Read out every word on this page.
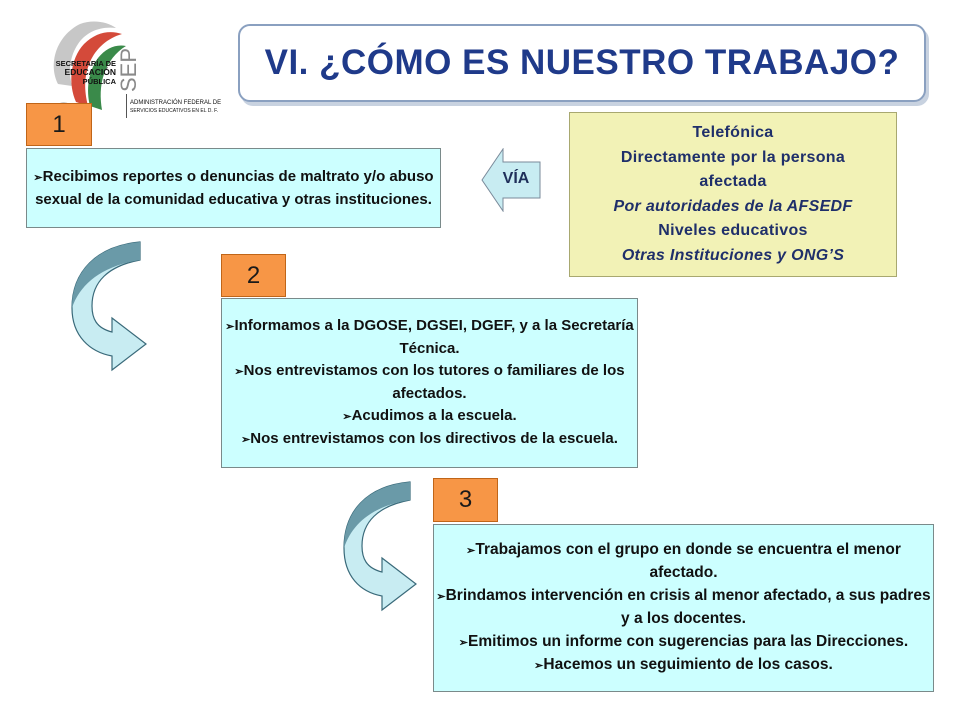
SECRETARÍA DE
EDUCACIÓN
PÚBLICA SEP
ADMINISTRACIÓN FEDERAL DE
SERVICIOS EDUCATIVOS EN EL D. F.
VI. ¿CÓMO ES NUESTRO TRABAJO?
1
➢Recibimos reportes o denuncias de maltrato y/o abuso sexual de la comunidad educativa y otras instituciones.
2
➢Informamos a la DGOSE, DGSEI, DGEF, y a la Secretaría Técnica.
➢Nos entrevistamos con los tutores o familiares de los afectados.
➢Acudimos a la escuela.
➢Nos entrevistamos con los directivos de la escuela.
3
➢Trabajamos con el grupo en donde se encuentra el menor afectado.
➢Brindamos intervención en crisis al menor afectado, a sus padres y a los docentes.
➢Emitimos un informe con sugerencias para las Direcciones.
➢Hacemos un seguimiento de los casos.
VÍA
Telefónica
Directamente por la persona afectada
Por autoridades de la AFSEDF
Niveles educativos
Otras Instituciones y ONG’S
